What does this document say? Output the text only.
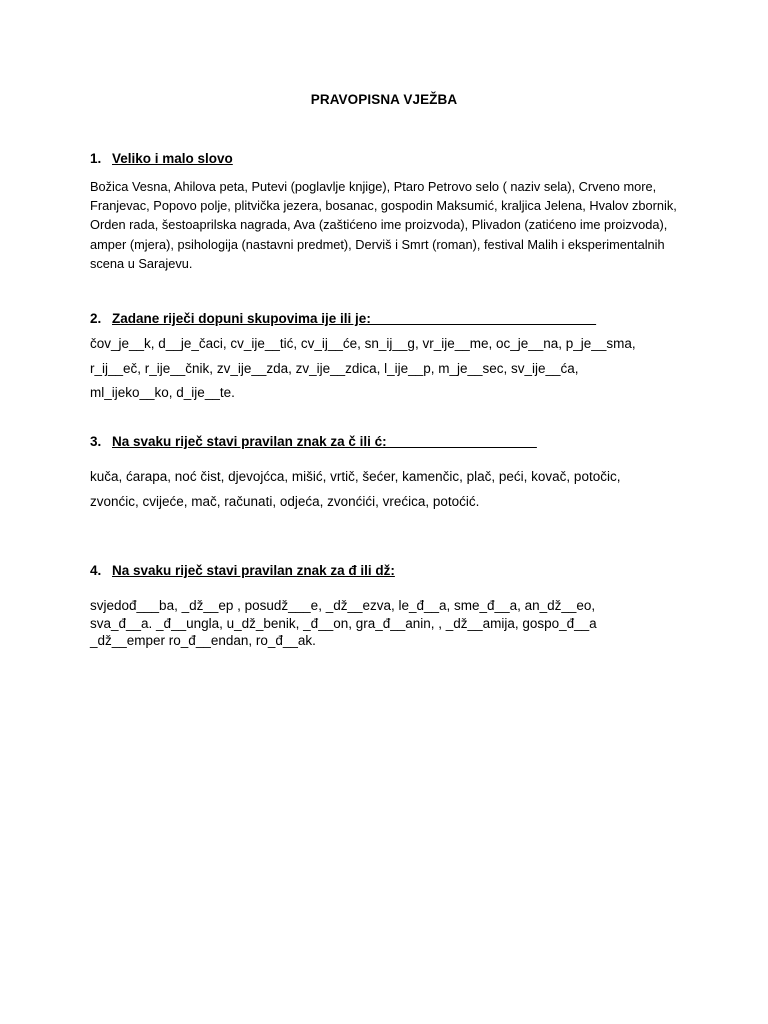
PRAVOPISNA VJEŽBA
1. Veliko i malo slovo
Božica Vesna, Ahilova peta, Putevi (poglavlje knjige), Ptaro Petrovo selo ( naziv sela), Crveno more,
Franjevac, Popovo polje, plitvička jezera, bosanac, gospodin Maksumić, kraljica Jelena, Hvalov zbornik,
Orden rada, šestoaprilska nagrada, Ava (zaštićeno ime proizvoda), Plivadon (zatićeno ime proizvoda),
amper (mjera), psihologija (nastavni predmet), Derviš i Smrt (roman), festival Malih i eksperimentalnih
scena u Sarajevu.
2. Zadane riječi dopuni skupovima ije ili je:______________________________
čov_je__k, d__je_čaci, cv_ije__tić, cv_ij__će, sn_ij__g, vr_ije__me, oc_je__na, p_je__sma,
r_ij__eč, r_ije__čnik, zv_ije__zda, zv_ije__zdica, l_ije__p, m_je__sec, sv_ije__ća,
ml_ijeko__ko, d_ije__te.
3. Na svaku riječ stavi pravilan znak za č ili ć:____________________
kuča, ćarapa, noć čist, djevojćca, mišić, vrtič, šećer, kamenčic, plač, peći, kovač, potočic,
zvonćic, cvijeće, mač, računati, odjeća, zvonćići, vrećica, potoćić.
4. Na svaku riječ stavi pravilan znak za đ ili dž:
svjedođ___ba, _dž__ep , posudž___e, _dž__ezva, le_đ__a, sme_đ__a, an_dž__eo,
sva_đ__a. _đ__ungla, u_dž_benik, _đ__on, gra_đ__anin, , _dž__amija, gospo_đ__a
_dž__emper ro_đ__endan, ro_đ__ak.
